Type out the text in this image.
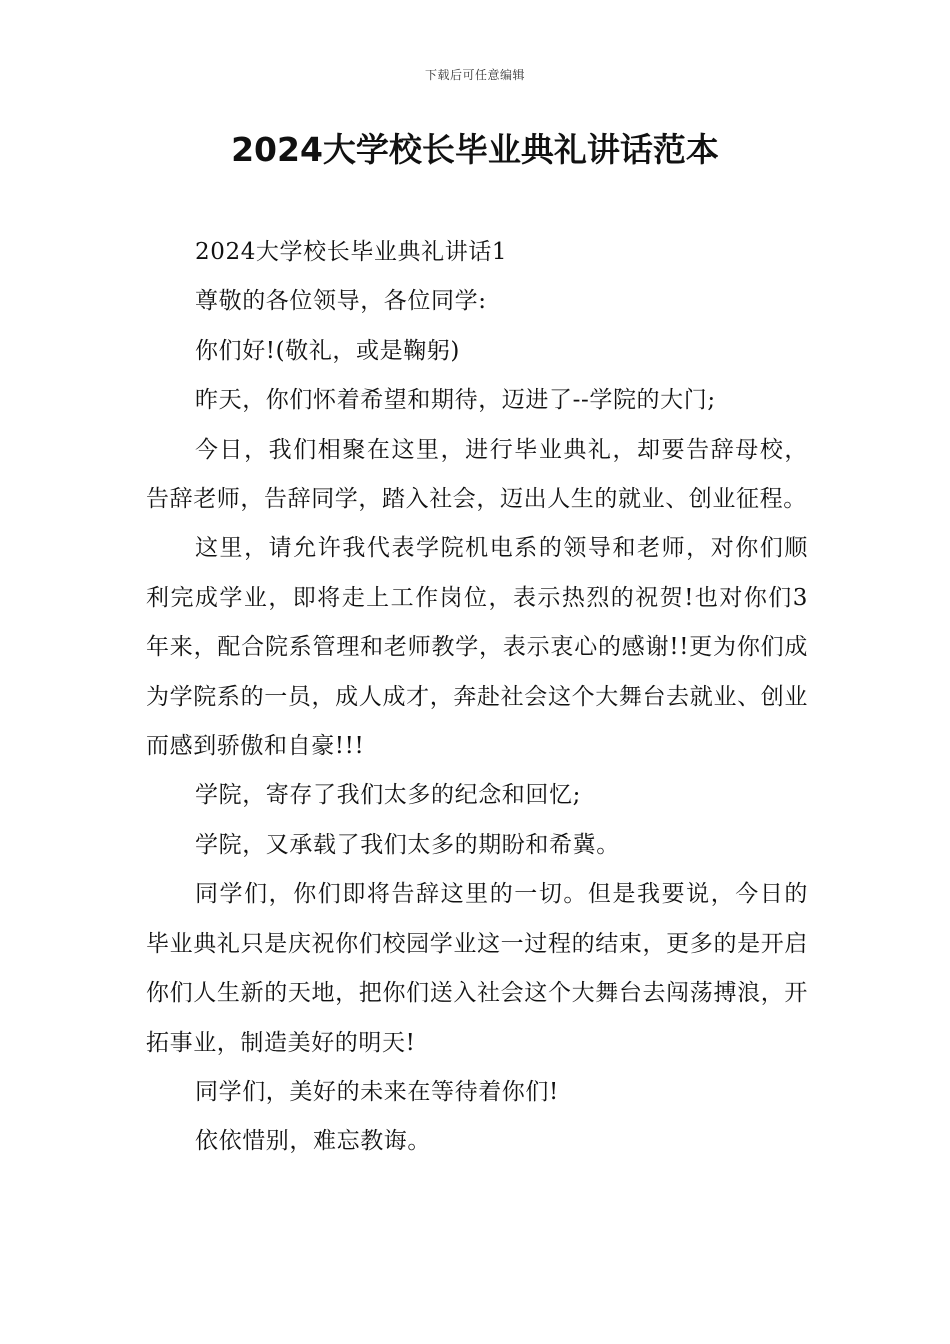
下载后可任意编辑
2024大学校长毕业典礼讲话范本

2024大学校长毕业典礼讲话1

尊敬的各位领导，各位同学:

你们好!(敬礼，或是鞠躬)

昨天，你们怀着希望和期待，迈进了--学院的大门;

今日，我们相聚在这里，进行毕业典礼，却要告辞母校，告辞老师，告辞同学，踏入社会，迈出人生的就业、创业征程。

这里，请允许我代表学院机电系的领导和老师，对你们顺利完成学业，即将走上工作岗位，表示热烈的祝贺!也对你们3年来，配合院系管理和老师教学，表示衷心的感谢!!更为你们成为学院系的一员，成人成才，奔赴社会这个大舞台去就业、创业而感到骄傲和自豪!!!

学院，寄存了我们太多的纪念和回忆;

学院，又承载了我们太多的期盼和希冀。

同学们，你们即将告辞这里的一切。但是我要说，今日的毕业典礼只是庆祝你们校园学业这一过程的结束，更多的是开启你们人生新的天地，把你们送入社会这个大舞台去闯荡搏浪，开拓事业，制造美好的明天!

同学们，美好的未来在等待着你们!

依依惜别，难忘教诲。
